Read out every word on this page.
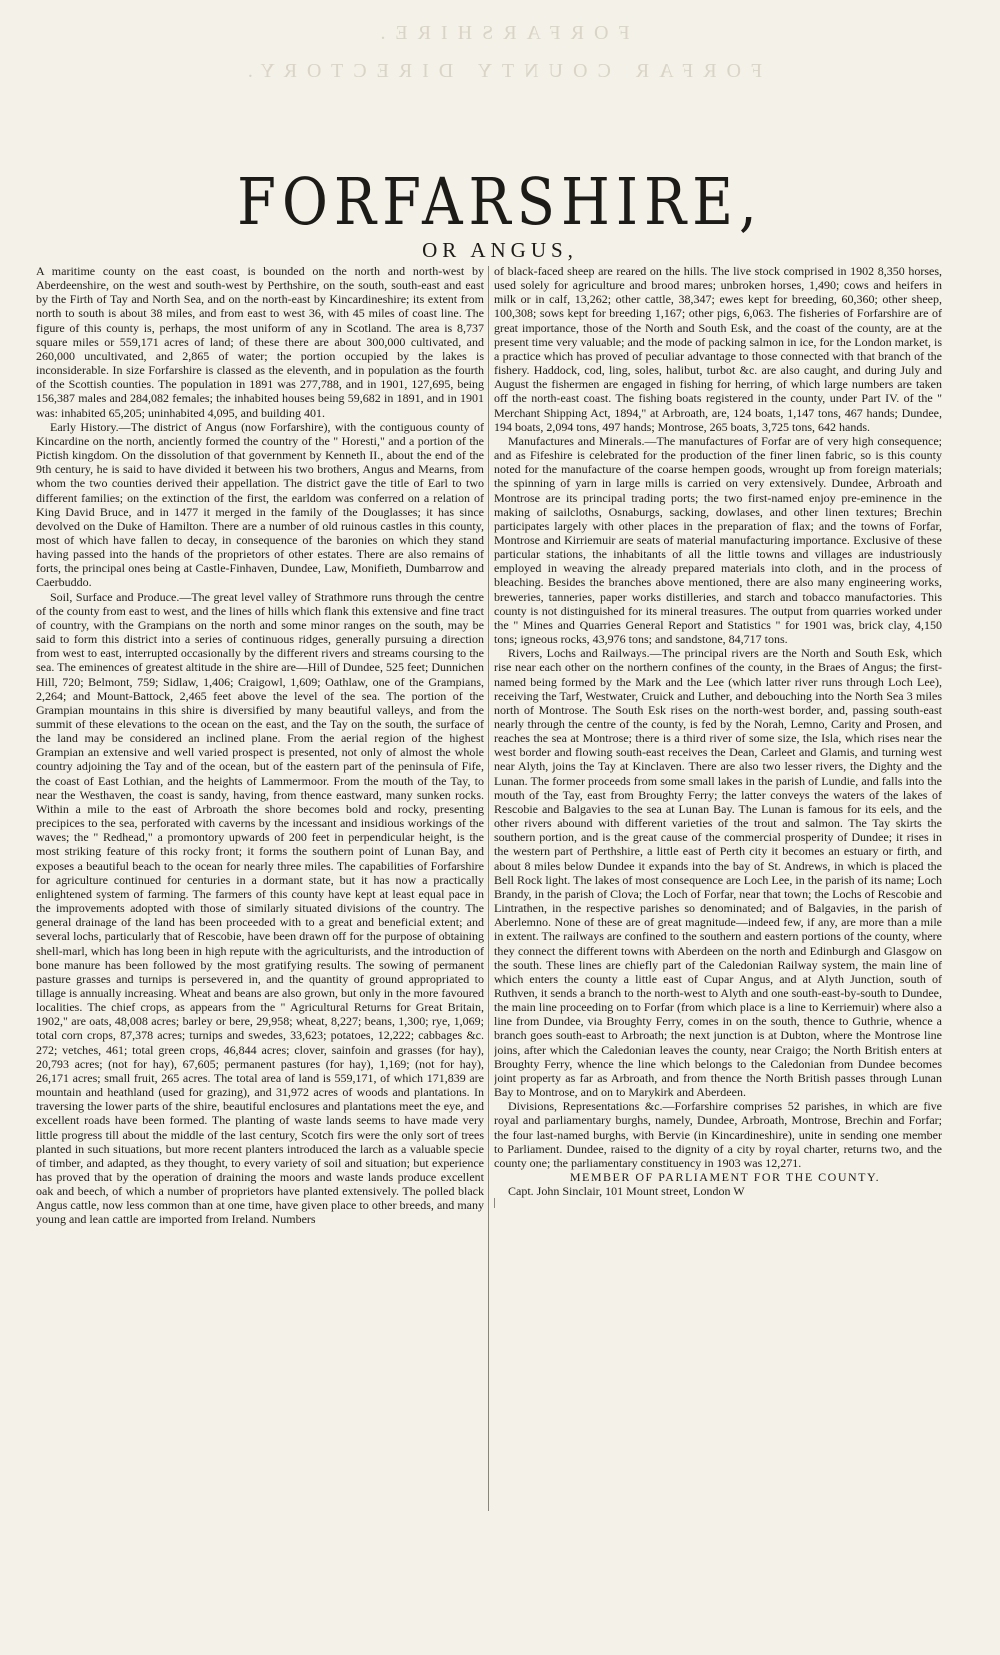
FORFARSHIRE.
FORFAR COUNTY DIRECTORY.
FORFARSHIRE,
OR ANGUS,

A maritime county on the east coast, is bounded on the north and north-west by Aberdeenshire, on the west and south-west by Perthshire, on the south, south-east and east by the Firth of Tay and North Sea, and on the north-east by Kincardineshire; its extent from north to south is about 38 miles, and from east to west 36, with 45 miles of coast line. The figure of this county is, perhaps, the most uniform of any in Scotland. The area is 8,737 square miles or 559,171 acres of land; of these there are about 300,000 cultivated, and 260,000 uncultivated, and 2,865 of water; the portion occupied by the lakes is inconsiderable. In size Forfarshire is classed as the eleventh, and in population as the fourth of the Scottish counties. The population in 1891 was 277,788, and in 1901, 127,695, being 156,387 males and 284,082 females; the inhabited houses being 59,682 in 1891, and in 1901 was: inhabited 65,205; uninhabited 4,095, and building 401.

Early History.—The district of Angus (now Forfarshire), with the contiguous county of Kincardine on the north, anciently formed the country of the " Horesti," and a portion of the Pictish kingdom. On the dissolution of that government by Kenneth II., about the end of the 9th century, he is said to have divided it between his two brothers, Angus and Mearns, from whom the two counties derived their appellation. The district gave the title of Earl to two different families; on the extinction of the first, the earldom was conferred on a relation of King David Bruce, and in 1477 it merged in the family of the Douglasses; it has since devolved on the Duke of Hamilton. There are a number of old ruinous castles in this county, most of which have fallen to decay, in consequence of the baronies on which they stand having passed into the hands of the proprietors of other estates. There are also remains of forts, the principal ones being at Castle-Finhaven, Dundee, Law, Monifieth, Dumbarrow and Caerbuddo.

Soil, Surface and Produce.—The great level valley of Strathmore runs through the centre of the county from east to west, and the lines of hills which flank this extensive and fine tract of country, with the Grampians on the north and some minor ranges on the south, may be said to form this district into a series of continuous ridges, generally pursuing a direction from west to east, interrupted occasionally by the different rivers and streams coursing to the sea. The eminences of greatest altitude in the shire are—Hill of Dundee, 525 feet; Dunnichen Hill, 720; Belmont, 759; Sidlaw, 1,406; Craigowl, 1,609; Oathlaw, one of the Grampians, 2,264; and Mount-Battock, 2,465 feet above the level of the sea. The portion of the Grampian mountains in this shire is diversified by many beautiful valleys, and from the summit of these elevations to the ocean on the east, and the Tay on the south, the surface of the land may be considered an inclined plane. From the aerial region of the highest Grampian an extensive and well varied prospect is presented, not only of almost the whole country adjoining the Tay and of the ocean, but of the eastern part of the peninsula of Fife, the coast of East Lothian, and the heights of Lammermoor. From the mouth of the Tay, to near the Westhaven, the coast is sandy, having, from thence eastward, many sunken rocks. Within a mile to the east of Arbroath the shore becomes bold and rocky, presenting precipices to the sea, perforated with caverns by the incessant and insidious workings of the waves; the " Redhead," a promontory upwards of 200 feet in perpendicular height, is the most striking feature of this rocky front; it forms the southern point of Lunan Bay, and exposes a beautiful beach to the ocean for nearly three miles. The capabilities of Forfarshire for agriculture continued for centuries in a dormant state, but it has now a practically enlightened system of farming. The farmers of this county have kept at least equal pace in the improvements adopted with those of similarly situated divisions of the country. The general drainage of the land has been proceeded with to a great and beneficial extent; and several lochs, particularly that of Rescobie, have been drawn off for the purpose of obtaining shell-marl, which has long been in high repute with the agriculturists, and the introduction of bone manure has been followed by the most gratifying results. The sowing of permanent pasture grasses and turnips is persevered in, and the quantity of ground appropriated to tillage is annually increasing. Wheat and beans are also grown, but only in the more favoured localities. The chief crops, as appears from the " Agricultural Returns for Great Britain, 1902," are oats, 48,008 acres; barley or bere, 29,958; wheat, 8,227; beans, 1,300; rye, 1,069; total corn crops, 87,378 acres; turnips and swedes, 33,623; potatoes, 12,222; cabbages &c. 272; vetches, 461; total green crops, 46,844 acres; clover, sainfoin and grasses (for hay), 20,793 acres; (not for hay), 67,605; permanent pastures (for hay), 1,169; (not for hay), 26,171 acres; small fruit, 265 acres. The total area of land is 559,171, of which 171,839 are mountain and heathland (used for grazing), and 31,972 acres of woods and plantations. In traversing the lower parts of the shire, beautiful enclosures and plantations meet the eye, and excellent roads have been formed. The planting of waste lands seems to have made very little progress till about the middle of the last century, Scotch firs were the only sort of trees planted in such situations, but more recent planters introduced the larch as a valuable specie of timber, and adapted, as they thought, to every variety of soil and situation; but experience has proved that by the operation of draining the moors and waste lands produce excellent oak and beech, of which a number of proprietors have planted extensively. The polled black Angus cattle, now less common than at one time, have given place to other breeds, and many young and lean cattle are imported from Ireland. Numbers

of black-faced sheep are reared on the hills. The live stock comprised in 1902 8,350 horses, used solely for agriculture and brood mares; unbroken horses, 1,490; cows and heifers in milk or in calf, 13,262; other cattle, 38,347; ewes kept for breeding, 60,360; other sheep, 100,308; sows kept for breeding 1,167; other pigs, 6,063. The fisheries of Forfarshire are of great importance, those of the North and South Esk, and the coast of the county, are at the present time very valuable; and the mode of packing salmon in ice, for the London market, is a practice which has proved of peculiar advantage to those connected with that branch of the fishery. Haddock, cod, ling, soles, halibut, turbot &c. are also caught, and during July and August the fishermen are engaged in fishing for herring, of which large numbers are taken off the north-east coast. The fishing boats registered in the county, under Part IV. of the " Merchant Shipping Act, 1894," at Arbroath, are, 124 boats, 1,147 tons, 467 hands; Dundee, 194 boats, 2,094 tons, 497 hands; Montrose, 265 boats, 3,725 tons, 642 hands.

Manufactures and Minerals.—The manufactures of Forfar are of very high consequence; and as Fifeshire is celebrated for the production of the finer linen fabric, so is this county noted for the manufacture of the coarse hempen goods, wrought up from foreign materials; the spinning of yarn in large mills is carried on very extensively. Dundee, Arbroath and Montrose are its principal trading ports; the two first-named enjoy pre-eminence in the making of sailcloths, Osnaburgs, sacking, dowlases, and other linen textures; Brechin participates largely with other places in the preparation of flax; and the towns of Forfar, Montrose and Kirriemuir are seats of material manufacturing importance. Exclusive of these particular stations, the inhabitants of all the little towns and villages are industriously employed in weaving the already prepared materials into cloth, and in the process of bleaching. Besides the branches above mentioned, there are also many engineering works, breweries, tanneries, paper works distilleries, and starch and tobacco manufactories. This county is not distinguished for its mineral treasures. The output from quarries worked under the " Mines and Quarries General Report and Statistics " for 1901 was, brick clay, 4,150 tons; igneous rocks, 43,976 tons; and sandstone, 84,717 tons.

Rivers, Lochs and Railways.—The principal rivers are the North and South Esk, which rise near each other on the northern confines of the county, in the Braes of Angus; the first-named being formed by the Mark and the Lee (which latter river runs through Loch Lee), receiving the Tarf, Westwater, Cruick and Luther, and debouching into the North Sea 3 miles north of Montrose. The South Esk rises on the north-west border, and, passing south-east nearly through the centre of the county, is fed by the Norah, Lemno, Carity and Prosen, and reaches the sea at Montrose; there is a third river of some size, the Isla, which rises near the west border and flowing south-east receives the Dean, Carleet and Glamis, and turning west near Alyth, joins the Tay at Kinclaven. There are also two lesser rivers, the Dighty and the Lunan. The former proceeds from some small lakes in the parish of Lundie, and falls into the mouth of the Tay, east from Broughty Ferry; the latter conveys the waters of the lakes of Rescobie and Balgavies to the sea at Lunan Bay. The Lunan is famous for its eels, and the other rivers abound with different varieties of the trout and salmon. The Tay skirts the southern portion, and is the great cause of the commercial prosperity of Dundee; it rises in the western part of Perthshire, a little east of Perth city it becomes an estuary or firth, and about 8 miles below Dundee it expands into the bay of St. Andrews, in which is placed the Bell Rock light. The lakes of most consequence are Loch Lee, in the parish of its name; Loch Brandy, in the parish of Clova; the Loch of Forfar, near that town; the Lochs of Rescobie and Lintrathen, in the respective parishes so denominated; and of Balgavies, in the parish of Aberlemno. None of these are of great magnitude—indeed few, if any, are more than a mile in extent. The railways are confined to the southern and eastern portions of the county, where they connect the different towns with Aberdeen on the north and Edinburgh and Glasgow on the south. These lines are chiefly part of the Caledonian Railway system, the main line of which enters the county a little east of Cupar Angus, and at Alyth Junction, south of Ruthven, it sends a branch to the north-west to Alyth and one south-east-by-south to Dundee, the main line proceeding on to Forfar (from which place is a line to Kerriemuir) where also a line from Dundee, via Broughty Ferry, comes in on the south, thence to Guthrie, whence a branch goes south-east to Arbroath; the next junction is at Dubton, where the Montrose line joins, after which the Caledonian leaves the county, near Craigo; the North British enters at Broughty Ferry, whence the line which belongs to the Caledonian from Dundee becomes joint property as far as Arbroath, and from thence the North British passes through Lunan Bay to Montrose, and on to Marykirk and Aberdeen.

Divisions, Representations &c.—Forfarshire comprises 52 parishes, in which are five royal and parliamentary burghs, namely, Dundee, Arbroath, Montrose, Brechin and Forfar; the four last-named burghs, with Bervie (in Kincardineshire), unite in sending one member to Parliament. Dundee, raised to the dignity of a city by royal charter, returns two, and the county one; the parliamentary constituency in 1903 was 12,271.

MEMBER OF PARLIAMENT FOR THE COUNTY.

Capt. John Sinclair, 101 Mount street, London W
